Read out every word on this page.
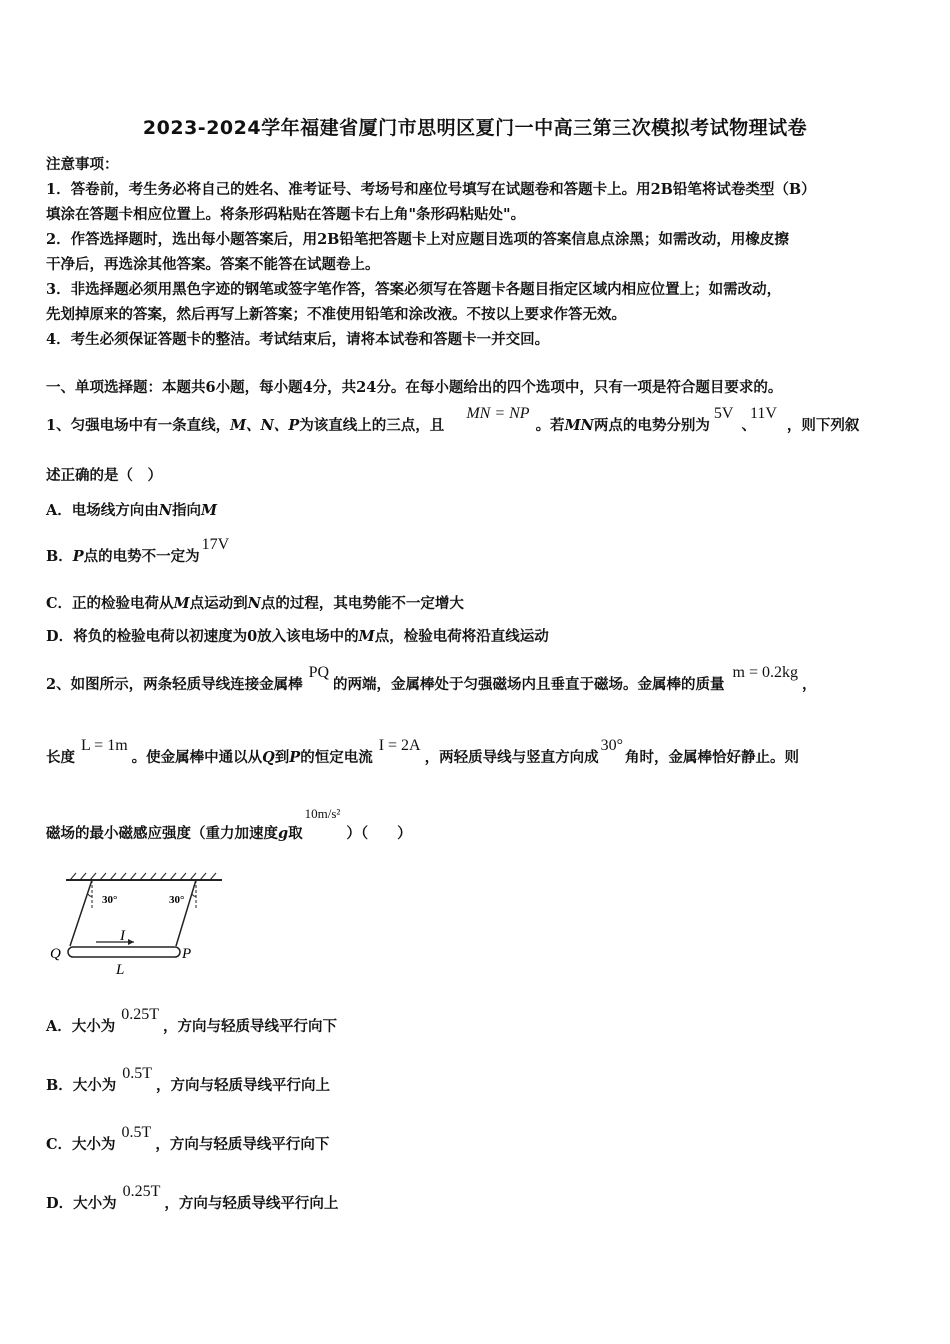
2023-2024学年福建省厦门市思明区夏门一中高三第三次模拟考试物理试卷
注意事项：
1．答卷前，考生务必将自己的姓名、准考证号、考场号和座位号填写在试题卷和答题卡上。用2B铅笔将试卷类型（B）
填涂在答题卡相应位置上。将条形码粘贴在答题卡右上角"条形码粘贴处"。
2．作答选择题时，选出每小题答案后，用2B铅笔把答题卡上对应题目选项的答案信息点涂黑；如需改动，用橡皮擦
干净后，再选涂其他答案。答案不能答在试题卷上。
3．非选择题必须用黑色字迹的钢笔或签字笔作答，答案必须写在答题卡各题目指定区域内相应位置上；如需改动，
先划掉原来的答案，然后再写上新答案；不准使用铅笔和涂改液。不按以上要求作答无效。
4．考生必须保证答题卡的整洁。考试结束后，请将本试卷和答题卡一并交回。
一、单项选择题：本题共6小题，每小题4分，共24分。在每小题给出的四个选项中，只有一项是符合题目要求的。
1、匀强电场中有一条直线，M、N、P为该直线上的三点，且MN = NP。若MN两点的电势分别为5V、11V，则下列叙
述正确的是（　）
A．电场线方向由N指向M
B．P点的电势不一定为17V
C．正的检验电荷从M点运动到N点的过程，其电势能不一定增大
D．将负的检验电荷以初速度为0放入该电场中的M点，检验电荷将沿直线运动
2、如图所示，两条轻质导线连接金属棒PQ的两端，金属棒处于匀强磁场内且垂直于磁场。金属棒的质量m = 0.2kg，
长度L = 1m。使金属棒中通以从Q到P的恒定电流I = 2A，两轻质导线与竖直方向成30°角时，金属棒恰好静止。则
磁场的最小磁感应强度（重力加速度g取10m/s²）（　　）
30°	30°
Q	P
I
L
A．大小为0.25T，方向与轻质导线平行向下
B．大小为0.5T，方向与轻质导线平行向上
C．大小为0.5T，方向与轻质导线平行向下
D．大小为0.25T，方向与轻质导线平行向上
